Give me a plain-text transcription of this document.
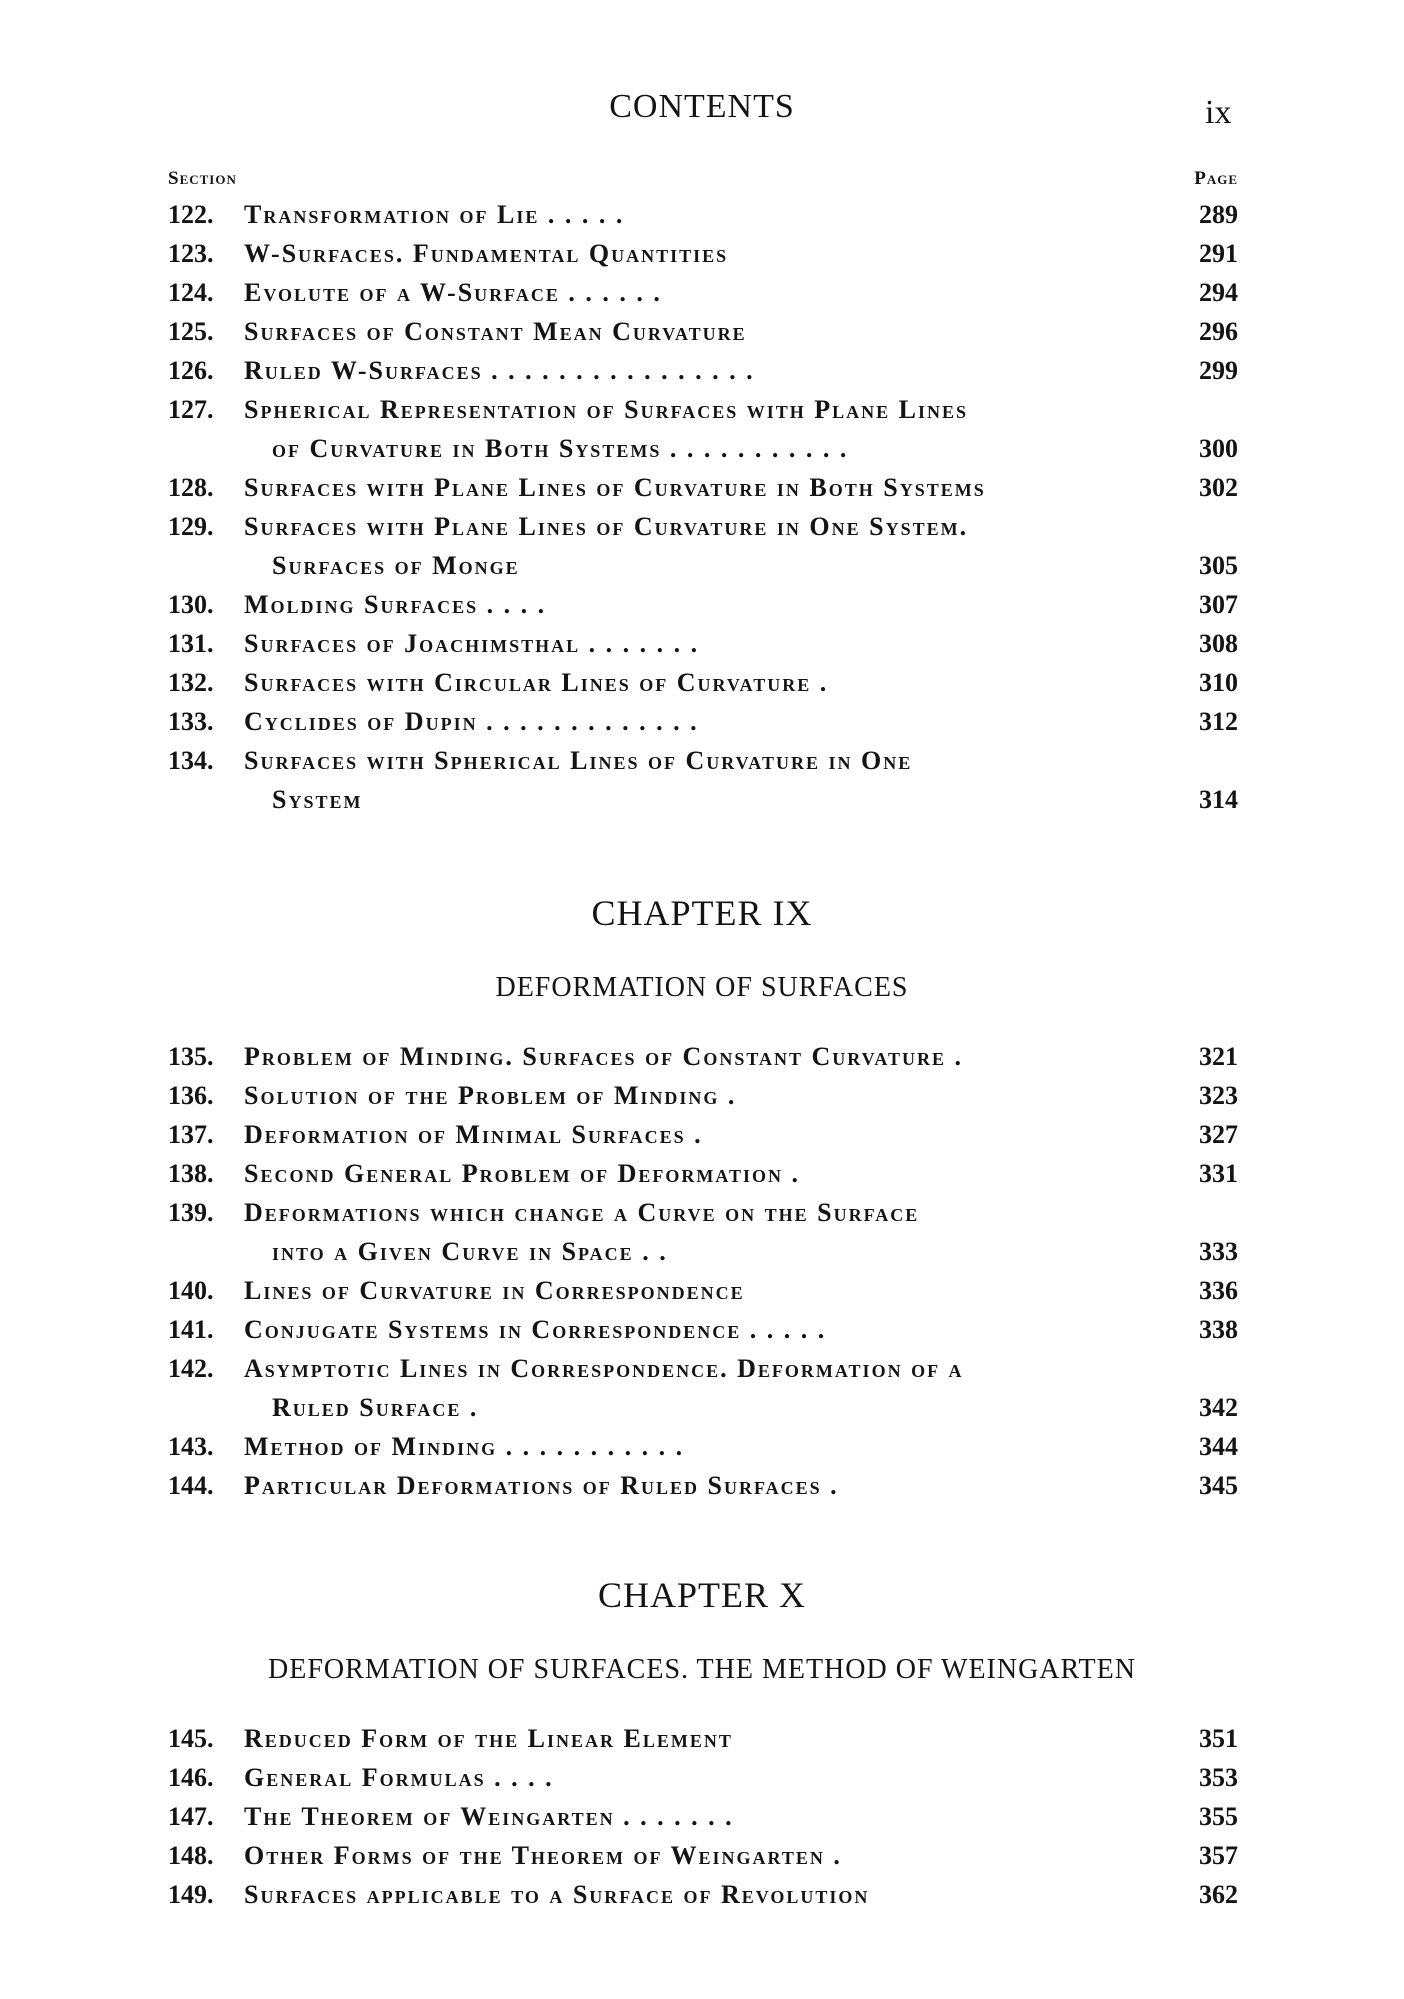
CONTENTS	ix
Section	Page
122. Transformation of Lie . . . . .	289
123. W-Surfaces. Fundamental Quantities	291
124. Evolute of a W-Surface . . . . . .	294
125. Surfaces of Constant Mean Curvature	296
126. Ruled W-Surfaces . . . . . . . . . . . . . . . .	299
127. Spherical Representation of Surfaces with Plane Lines
of Curvature in Both Systems . . . . . . . . . . .	300
128. Surfaces with Plane Lines of Curvature in Both Systems	302
129. Surfaces with Plane Lines of Curvature in One System.
Surfaces of Monge	305
130. Molding Surfaces . . . .	307
131. Surfaces of Joachimsthal . . . . . . .	308
132. Surfaces with Circular Lines of Curvature .	310
133. Cyclides of Dupin . . . . . . . . . . . . .	312
134. Surfaces with Spherical Lines of Curvature in One
System	314
CHAPTER IX
DEFORMATION OF SURFACES
135. Problem of Minding. Surfaces of Constant Curvature .	321
136. Solution of the Problem of Minding .	323
137. Deformation of Minimal Surfaces .	327
138. Second General Problem of Deformation .	331
139. Deformations which change a Curve on the Surface
into a Given Curve in Space . .	333
140. Lines of Curvature in Correspondence	336
141. Conjugate Systems in Correspondence . . . . .	338
142. Asymptotic Lines in Correspondence. Deformation of a
Ruled Surface .	342
143. Method of Minding . . . . . . . . . . .	344
144. Particular Deformations of Ruled Surfaces .	345
CHAPTER X
DEFORMATION OF SURFACES. THE METHOD OF WEINGARTEN
145. Reduced Form of the Linear Element	351
146. General Formulas . . . .	353
147. The Theorem of Weingarten . . . . . . .	355
148. Other Forms of the Theorem of Weingarten .	357
149. Surfaces applicable to a Surface of Revolution	362
